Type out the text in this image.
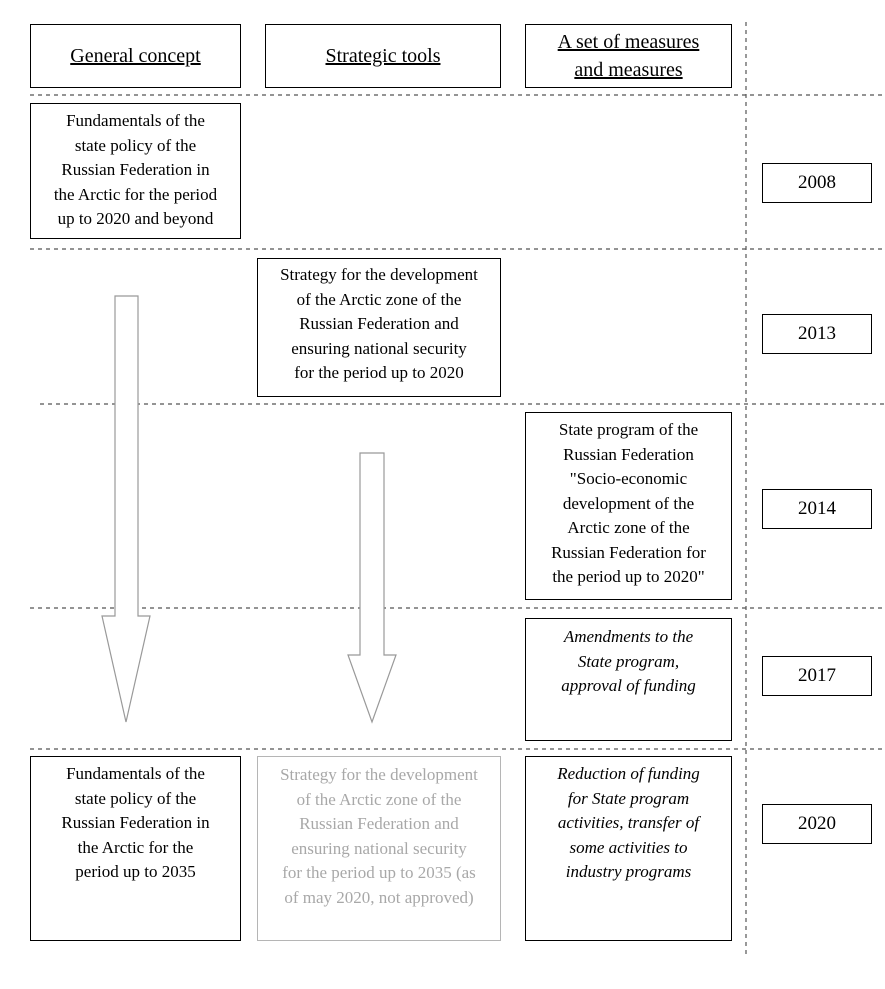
General concept	Strategic tools
A set of measures
and measures
Fundamentals of the
state policy of the
Russian Federation in
the Arctic for the period
up to 2020 and beyond
Strategy for the development
of the Arctic zone of the
Russian Federation and
ensuring national security
for the period up to 2020
State program of the
Russian Federation
"Socio-economic
development of the
Arctic zone of the
Russian Federation for
the period up to 2020"
Amendments to the
State program,
approval of funding
Fundamentals of the
state policy of the
Russian Federation in
the Arctic for the
period up to 2035
Strategy for the development
of the Arctic zone of the
Russian Federation and
ensuring national security
for the period up to 2035 (as
of may 2020, not approved)
Reduction of funding
for State program
activities, transfer of
some activities to
industry programs
2008
2013
2014
2017
2020
